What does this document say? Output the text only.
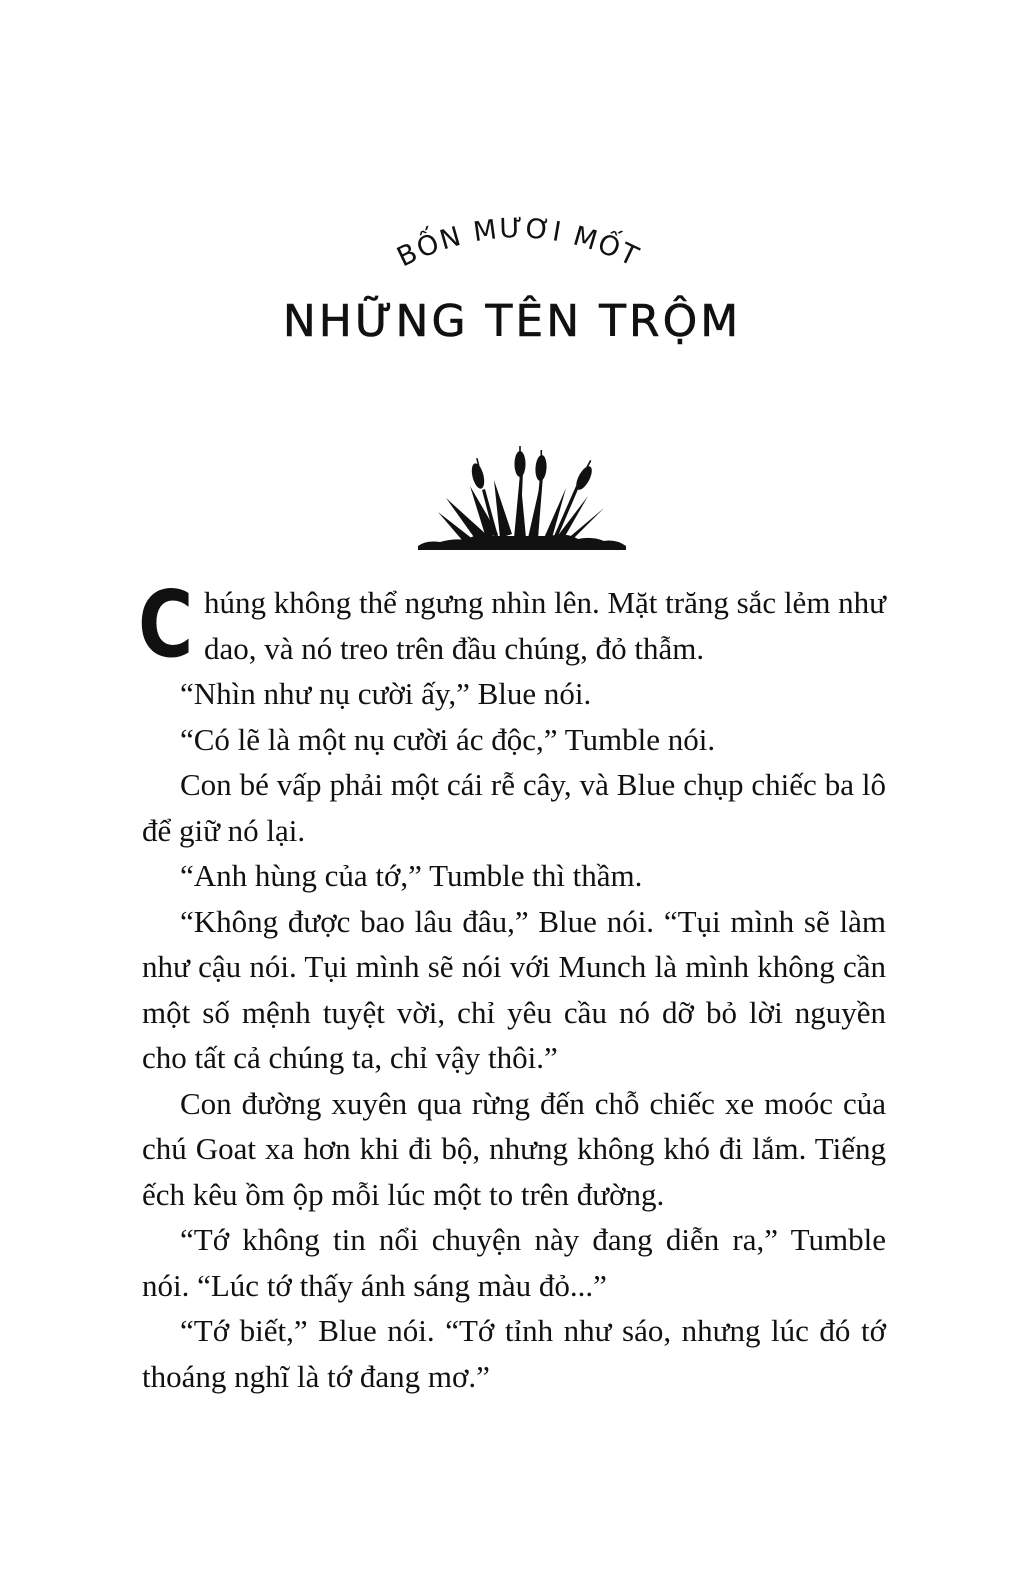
BỐN MƯƠI MỐT
NHỮNG TÊN TRỘM

Chúng không thể ngưng nhìn lên. Mặt trăng sắc lẻm như dao, và nó treo trên đầu chúng, đỏ thẫm.

“Nhìn như nụ cười ấy,” Blue nói.

“Có lẽ là một nụ cười ác độc,” Tumble nói.

Con bé vấp phải một cái rễ cây, và Blue chụp chiếc ba lô để giữ nó lại.

“Anh hùng của tớ,” Tumble thì thầm.

“Không được bao lâu đâu,” Blue nói. “Tụi mình sẽ làm như cậu nói. Tụi mình sẽ nói với Munch là mình không cần một số mệnh tuyệt vời, chỉ yêu cầu nó dỡ bỏ lời nguyền cho tất cả chúng ta, chỉ vậy thôi.”

Con đường xuyên qua rừng đến chỗ chiếc xe moóc của chú Goat xa hơn khi đi bộ, nhưng không khó đi lắm. Tiếng ếch kêu ồm ộp mỗi lúc một to trên đường.

“Tớ không tin nổi chuyện này đang diễn ra,” Tumble nói. “Lúc tớ thấy ánh sáng màu đỏ...”

“Tớ biết,” Blue nói. “Tớ tỉnh như sáo, nhưng lúc đó tớ thoáng nghĩ là tớ đang mơ.”
